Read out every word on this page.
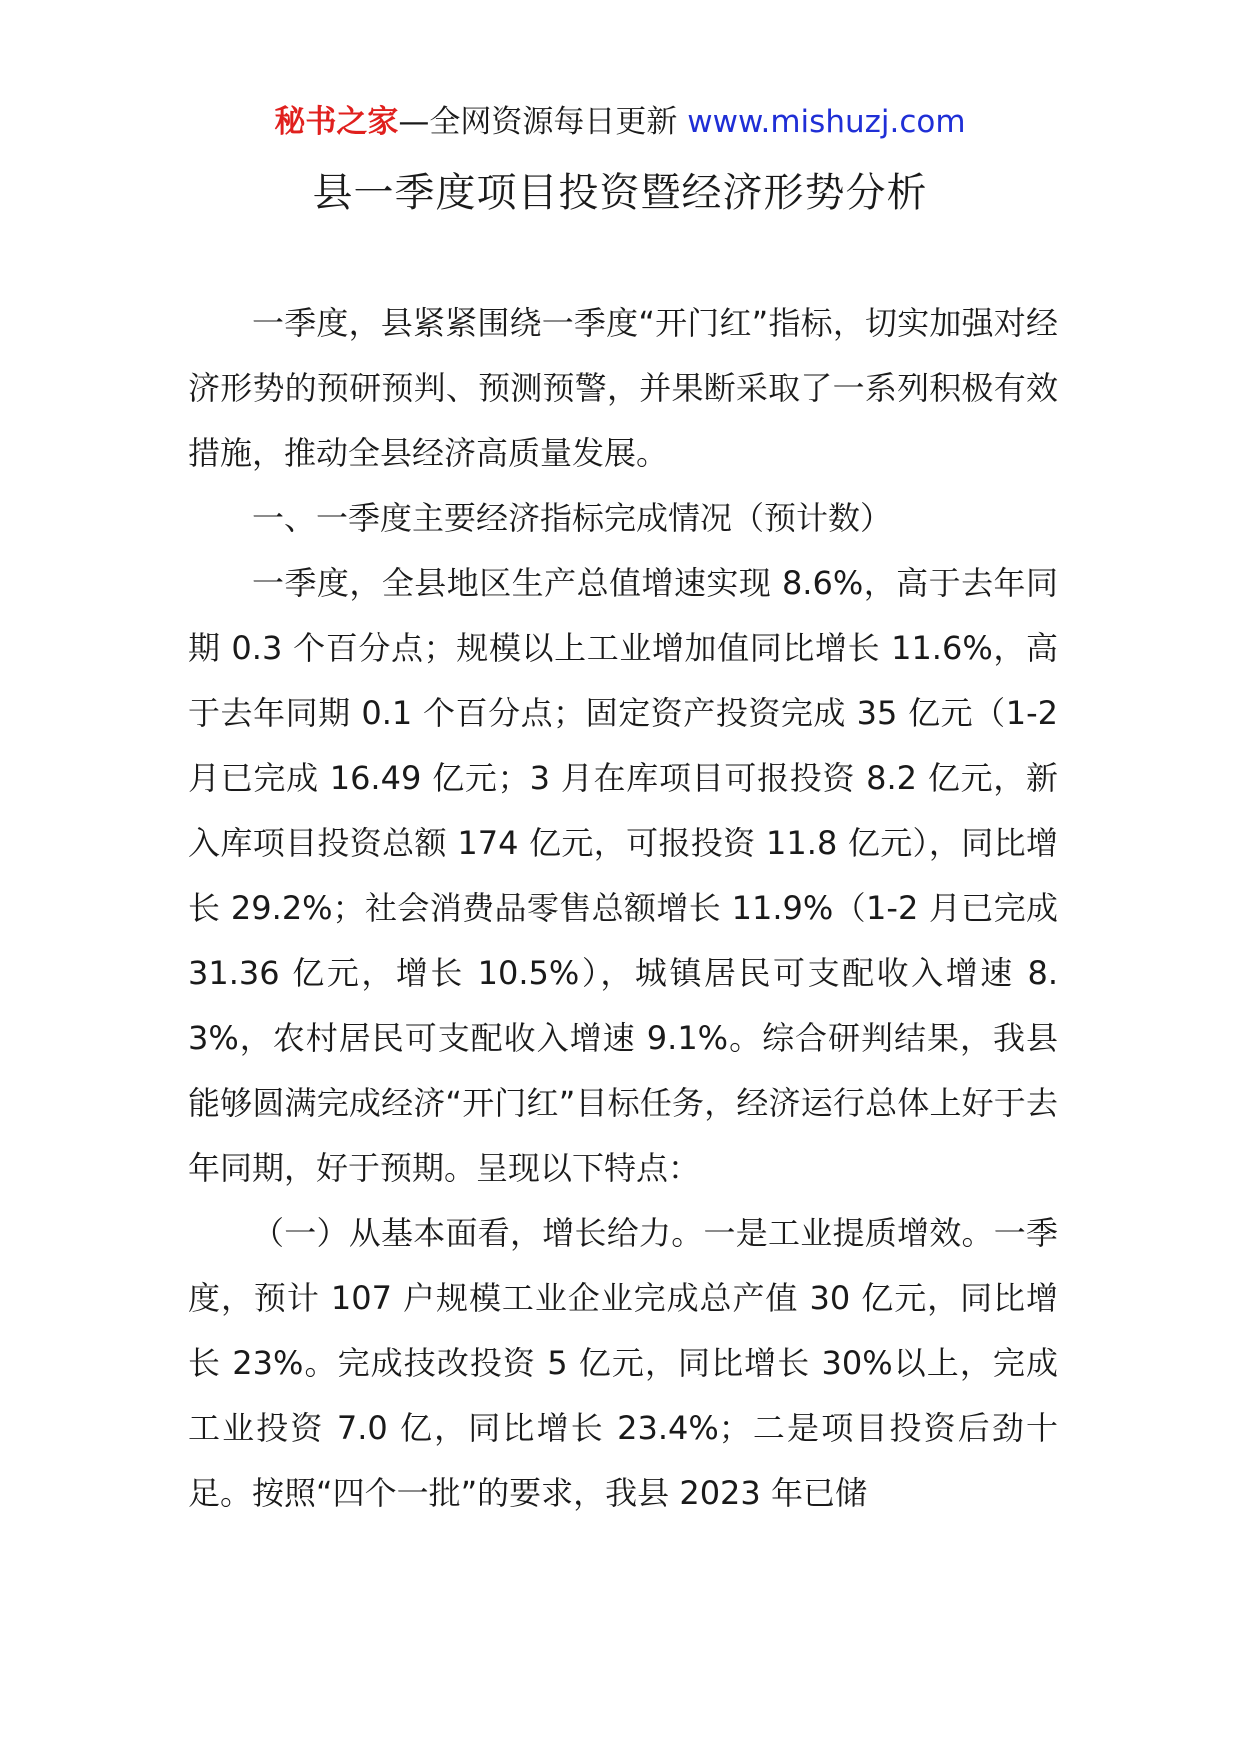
秘书之家—全网资源每日更新 www.mishuzj.com
县一季度项目投资暨经济形势分析

一季度，县紧紧围绕一季度“开门红”指标，切实加强对经济形势的预研预判、预测预警，并果断采取了一系列积极有效措施，推动全县经济高质量发展。

一、一季度主要经济指标完成情况（预计数）

一季度，全县地区生产总值增速实现 8.6%，高于去年同期 0.3 个百分点；规模以上工业增加值同比增长 11.6%，高于去年同期 0.1 个百分点；固定资产投资完成 35 亿元（1-2 月已完成 16.49 亿元；3 月在库项目可报投资 8.2 亿元，新入库项目投资总额 174 亿元，可报投资 11.8 亿元），同比增长 29.2%；社会消费品零售总额增长 11.9%（1-2 月已完成 31.36 亿元，增长 10.5%），城镇居民可支配收入增速 8.3%，农村居民可支配收入增速 9.1%。综合研判结果，我县能够圆满完成经济“开门红”目标任务，经济运行总体上好于去年同期，好于预期。呈现以下特点：

（一）从基本面看，增长给力。一是工业提质增效。一季度，预计 107 户规模工业企业完成总产值 30 亿元，同比增长 23%。完成技改投资 5 亿元，同比增长 30%以上，完成工业投资 7.0 亿，同比增长 23.4%；二是项目投资后劲十足。按照“四个一批”的要求，我县 2023 年已储
